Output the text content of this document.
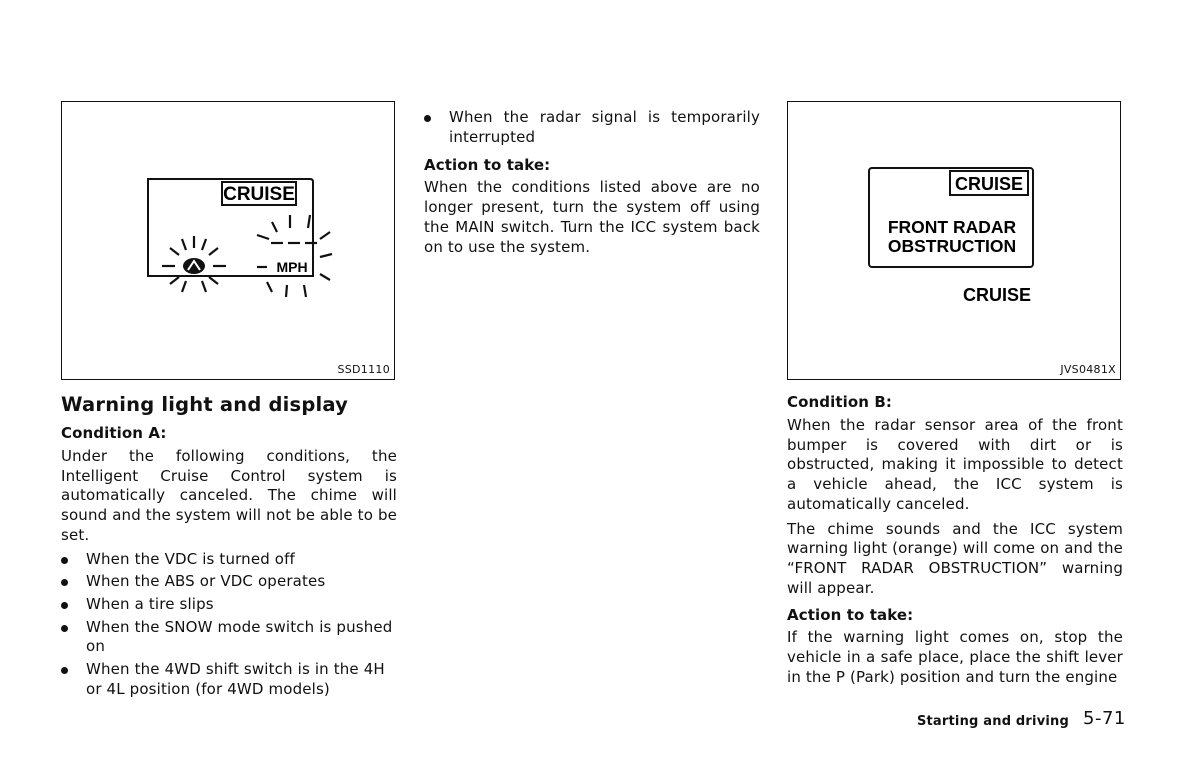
CRUISE
MPH
SSD1110
CRUISE
FRONT RADAR
OBSTRUCTION
CRUISE
JVS0481X
Warning light and display

Condition A:

Under the following conditions, the Intelligent Cruise Control system is automatically canceled. The chime will sound and the system will not be able to be set.

When the VDC is turned off
When the ABS or VDC operates
When a tire slips
When the SNOW mode switch is pushed on
When the 4WD shift switch is in the 4H or 4L position (for 4WD models)
When the radar signal is temporarily interrupted

Action to take:

When the conditions listed above are no longer present, turn the system off using the MAIN switch. Turn the ICC system back on to use the system.

Condition B:

When the radar sensor area of the front bumper is covered with dirt or is obstructed, making it impossible to detect a vehicle ahead, the ICC system is automatically canceled.

The chime sounds and the ICC system warning light (orange) will come on and the “FRONT RADAR OBSTRUCTION” warning will appear.

Action to take:

If the warning light comes on, stop the vehicle in a safe place, place the shift lever in the P (Park) position and turn the engine

Starting and driving 5-71
